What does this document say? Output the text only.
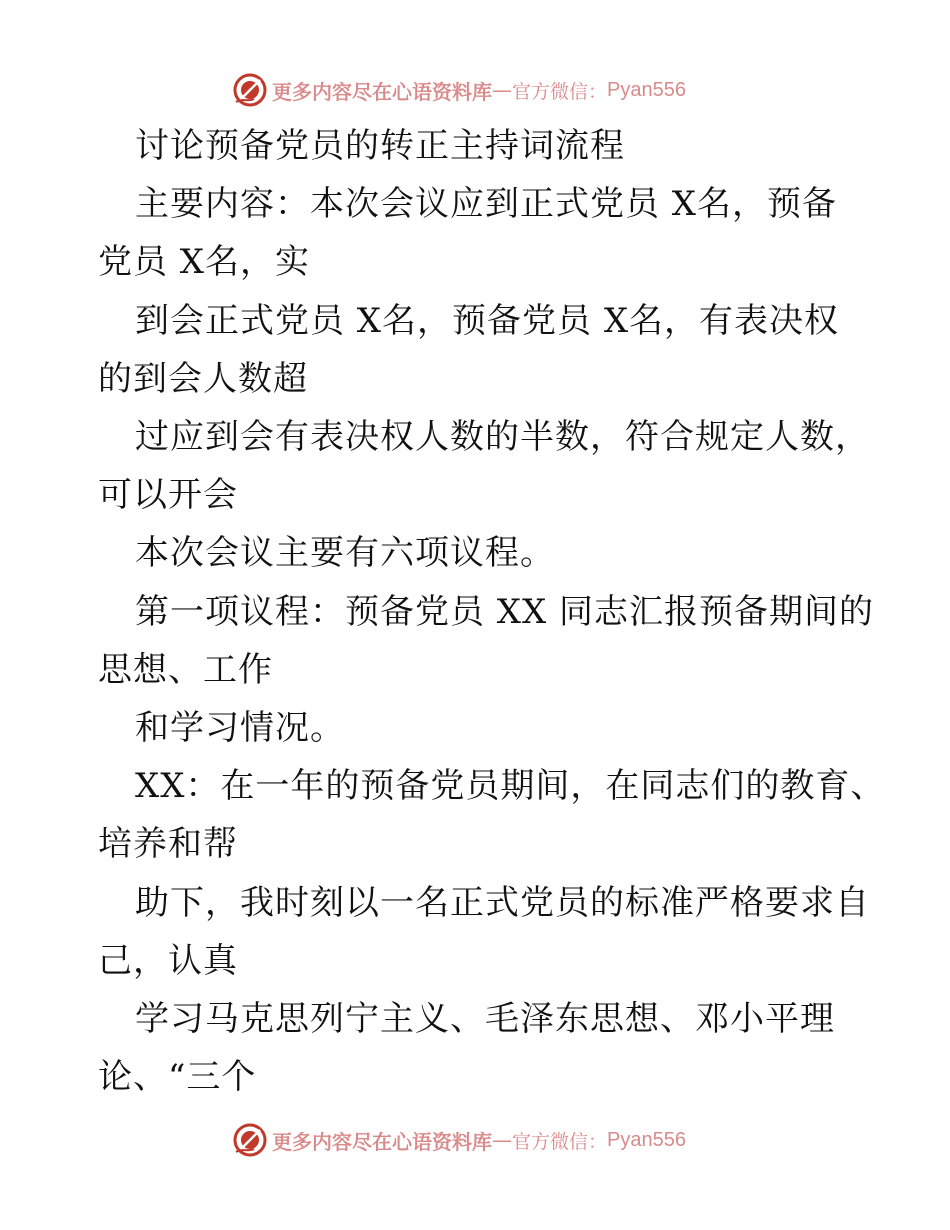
更多内容尽在心语资料库 — 官方微信： Pyan556
讨论预备党员的转正主持词流程
主要内容：本次会议应到正式党员 X名，预备
党员 X名，实
到会正式党员 X名，预备党员 X名，有表决权
的到会人数超
过应到会有表决权人数的半数，符合规定人数，
可以开会
本次会议主要有六项议程。
第一项议程：预备党员 XX 同志汇报预备期间的
思想、工作
和学习情况。
XX：在一年的预备党员期间，在同志们的教育、
培养和帮
助下，我时刻以一名正式党员的标准严格要求自
己，认真
学习马克思列宁主义、毛泽东思想、邓小平理
论、“三个
更多内容尽在心语资料库 — 官方微信： Pyan556
